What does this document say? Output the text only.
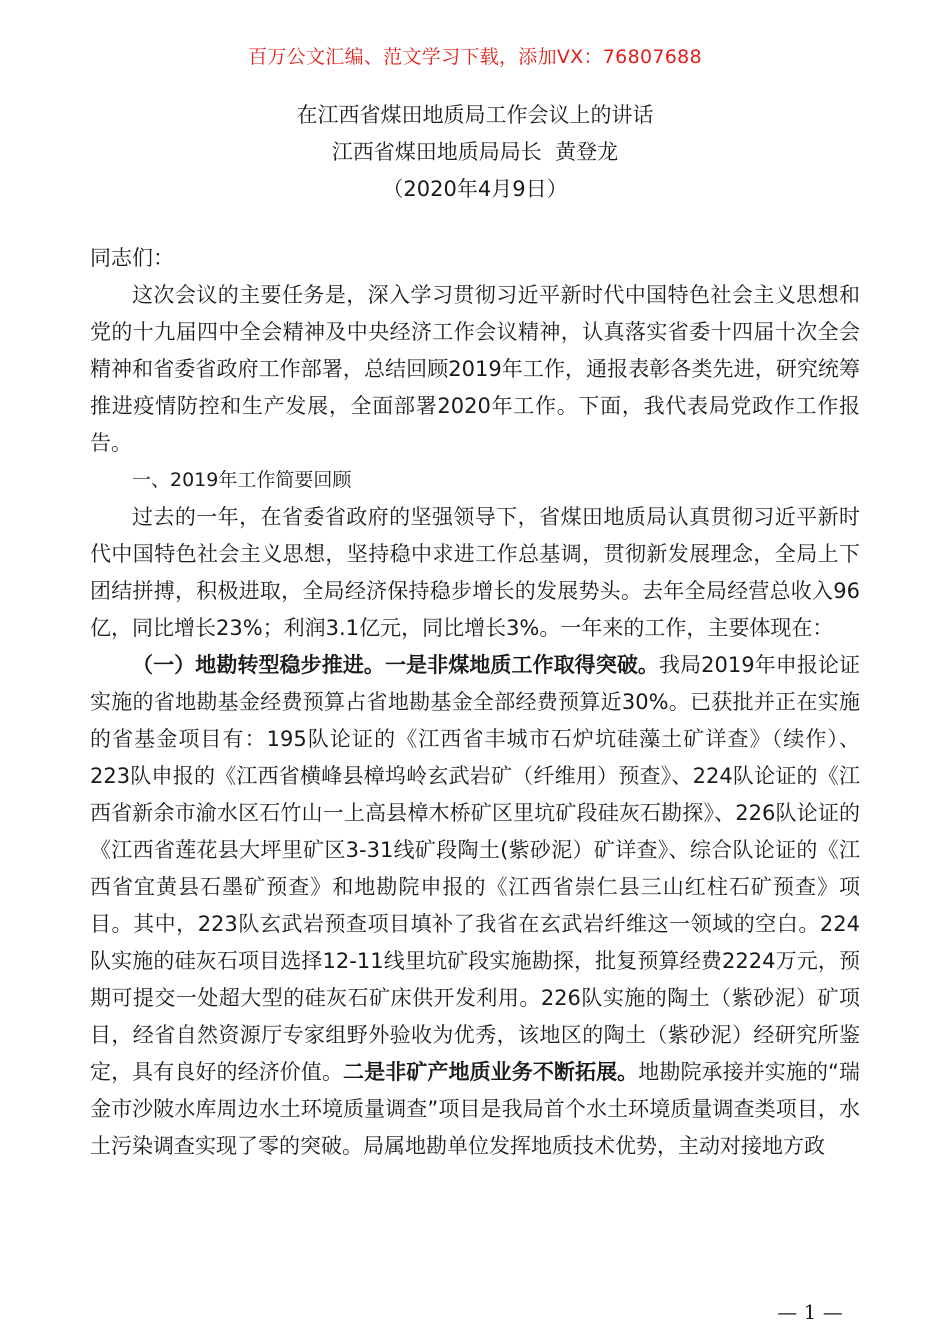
百万公文汇编、范文学习下载，添加VX：76807688
在江西省煤田地质局工作会议上的讲话
江西省煤田地质局局长  黄登龙
（2020年4月9日）

同志们：

这次会议的主要任务是，深入学习贯彻习近平新时代中国特色社会主义思想和党的十九届四中全会精神及中央经济工作会议精神，认真落实省委十四届十次全会精神和省委省政府工作部署，总结回顾2019年工作，通报表彰各类先进，研究统筹推进疫情防控和生产发展，全面部署2020年工作。下面，我代表局党政作工作报告。

一、2019年工作简要回顾

过去的一年，在省委省政府的坚强领导下，省煤田地质局认真贯彻习近平新时代中国特色社会主义思想，坚持稳中求进工作总基调，贯彻新发展理念，全局上下团结拼搏，积极进取，全局经济保持稳步增长的发展势头。去年全局经营总收入96亿，同比增长23%；利润3.1亿元，同比增长3%。一年来的工作，主要体现在：

（一）地勘转型稳步推进。一是非煤地质工作取得突破。我局2019年申报论证实施的省地勘基金经费预算占省地勘基金全部经费预算近30%。已获批并正在实施的省基金项目有：195队论证的《江西省丰城市石炉坑硅藻土矿详查》（续作）、223队申报的《江西省横峰县樟坞岭玄武岩矿（纤维用）预查》、224队论证的《江西省新余市渝水区石竹山一上高县樟木桥矿区里坑矿段硅灰石勘探》、226队论证的《江西省莲花县大坪里矿区3-31线矿段陶土(紫砂泥）矿详查》、综合队论证的《江西省宜黄县石墨矿预查》和地勘院申报的《江西省崇仁县三山红柱石矿预查》项目。其中，223队玄武岩预查项目填补了我省在玄武岩纤维这一领域的空白。224队实施的硅灰石项目选择12-11线里坑矿段实施勘探，批复预算经费2224万元，预期可提交一处超大型的硅灰石矿床供开发利用。226队实施的陶土（紫砂泥）矿项目，经省自然资源厅专家组野外验收为优秀，该地区的陶土（紫砂泥）经研究所鉴定，具有良好的经济价值。二是非矿产地质业务不断拓展。地勘院承接并实施的“瑞金市沙陂水库周边水土环境质量调查”项目是我局首个水土环境质量调查类项目，水土污染调查实现了零的突破。局属地勘单位发挥地质技术优势，主动对接地方政

— 1 —
